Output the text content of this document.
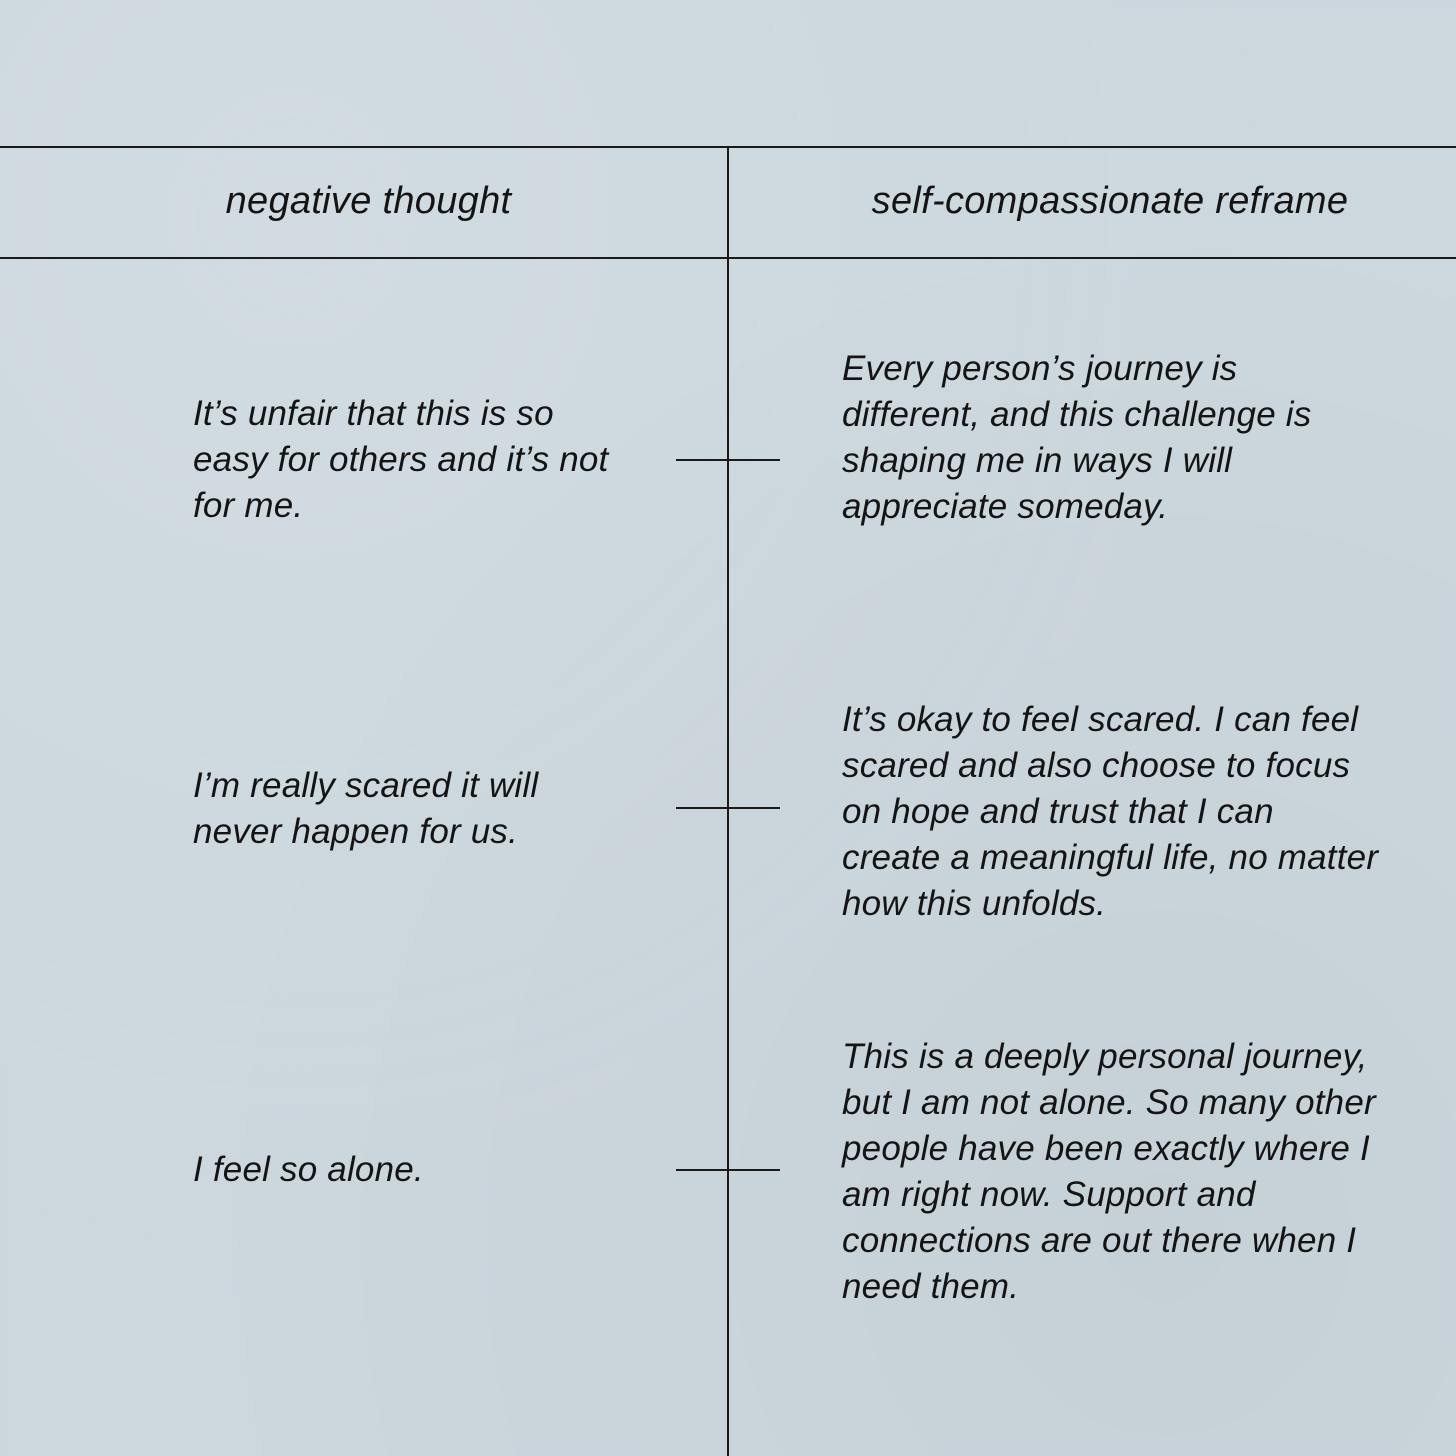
negative thought	self-compassionate reframe
It’s unfair that this is so easy for others and it’s not for me.
Every person’s journey is different, and this challenge is shaping me in ways I will appreciate someday.
I’m really scared it will never happen for us.
It’s okay to feel scared. I can feel scared and also choose to focus on hope and trust that I can create a meaningful life, no matter how this unfolds.
I feel so alone.
This is a deeply personal journey, but I am not alone. So many other people have been exactly where I am right now. Support and connections are out there when I need them.
